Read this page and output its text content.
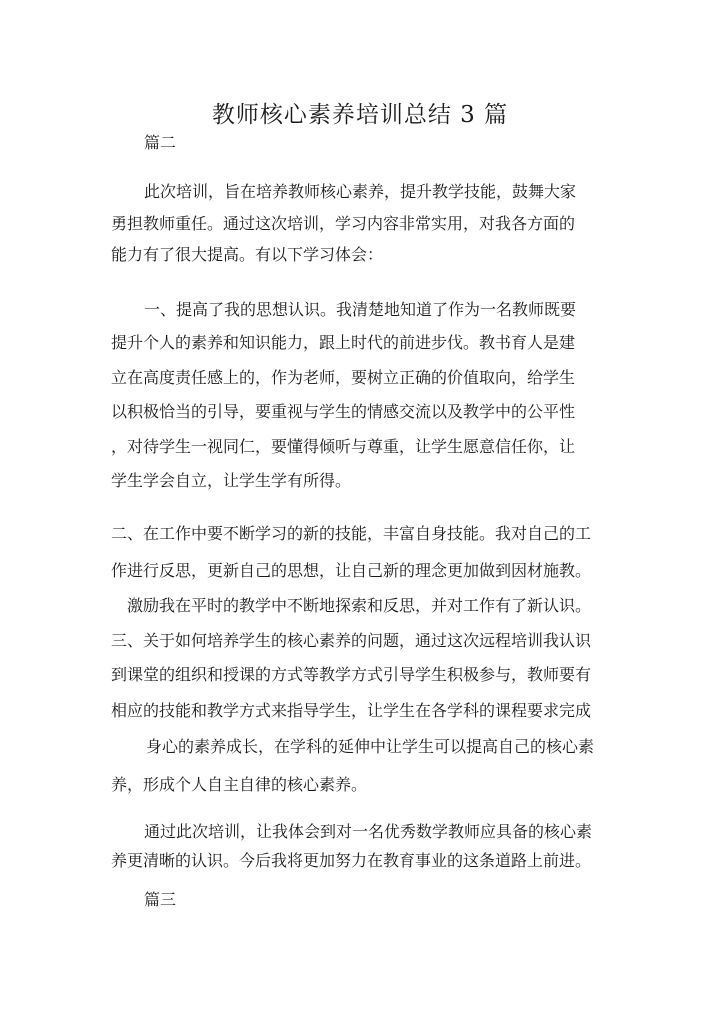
教师核心素养培训总结 3 篇
篇二
此次培训，旨在培养教师核心素养，提升教学技能，鼓舞大家
勇担教师重任。通过这次培训，学习内容非常实用，对我各方面的
能力有了很大提高。有以下学习体会：
一、提高了我的思想认识。我清楚地知道了作为一名教师既要
提升个人的素养和知识能力，跟上时代的前进步伐。教书育人是建
立在高度责任感上的，作为老师，要树立正确的价值取向，给学生
以积极恰当的引导，要重视与学生的情感交流以及教学中的公平性
，对待学生一视同仁，要懂得倾听与尊重，让学生愿意信任你，让
学生学会自立，让学生学有所得。
二、在工作中要不断学习的新的技能，丰富自身技能。我对自己的工
作进行反思，更新自己的思想，让自己新的理念更加做到因材施教。
激励我在平时的教学中不断地探索和反思，并对工作有了新认识。
三、关于如何培养学生的核心素养的问题，通过这次远程培训我认识
到课堂的组织和授课的方式等教学方式引导学生积极参与，教师要有
相应的技能和教学方式来指导学生，让学生在各学科的课程要求完成
身心的素养成长，在学科的延伸中让学生可以提高自己的核心素
养，形成个人自主自律的核心素养。
通过此次培训，让我体会到对一名优秀数学教师应具备的核心素
养更清晰的认识。今后我将更加努力在教育事业的这条道路上前进。
篇三
